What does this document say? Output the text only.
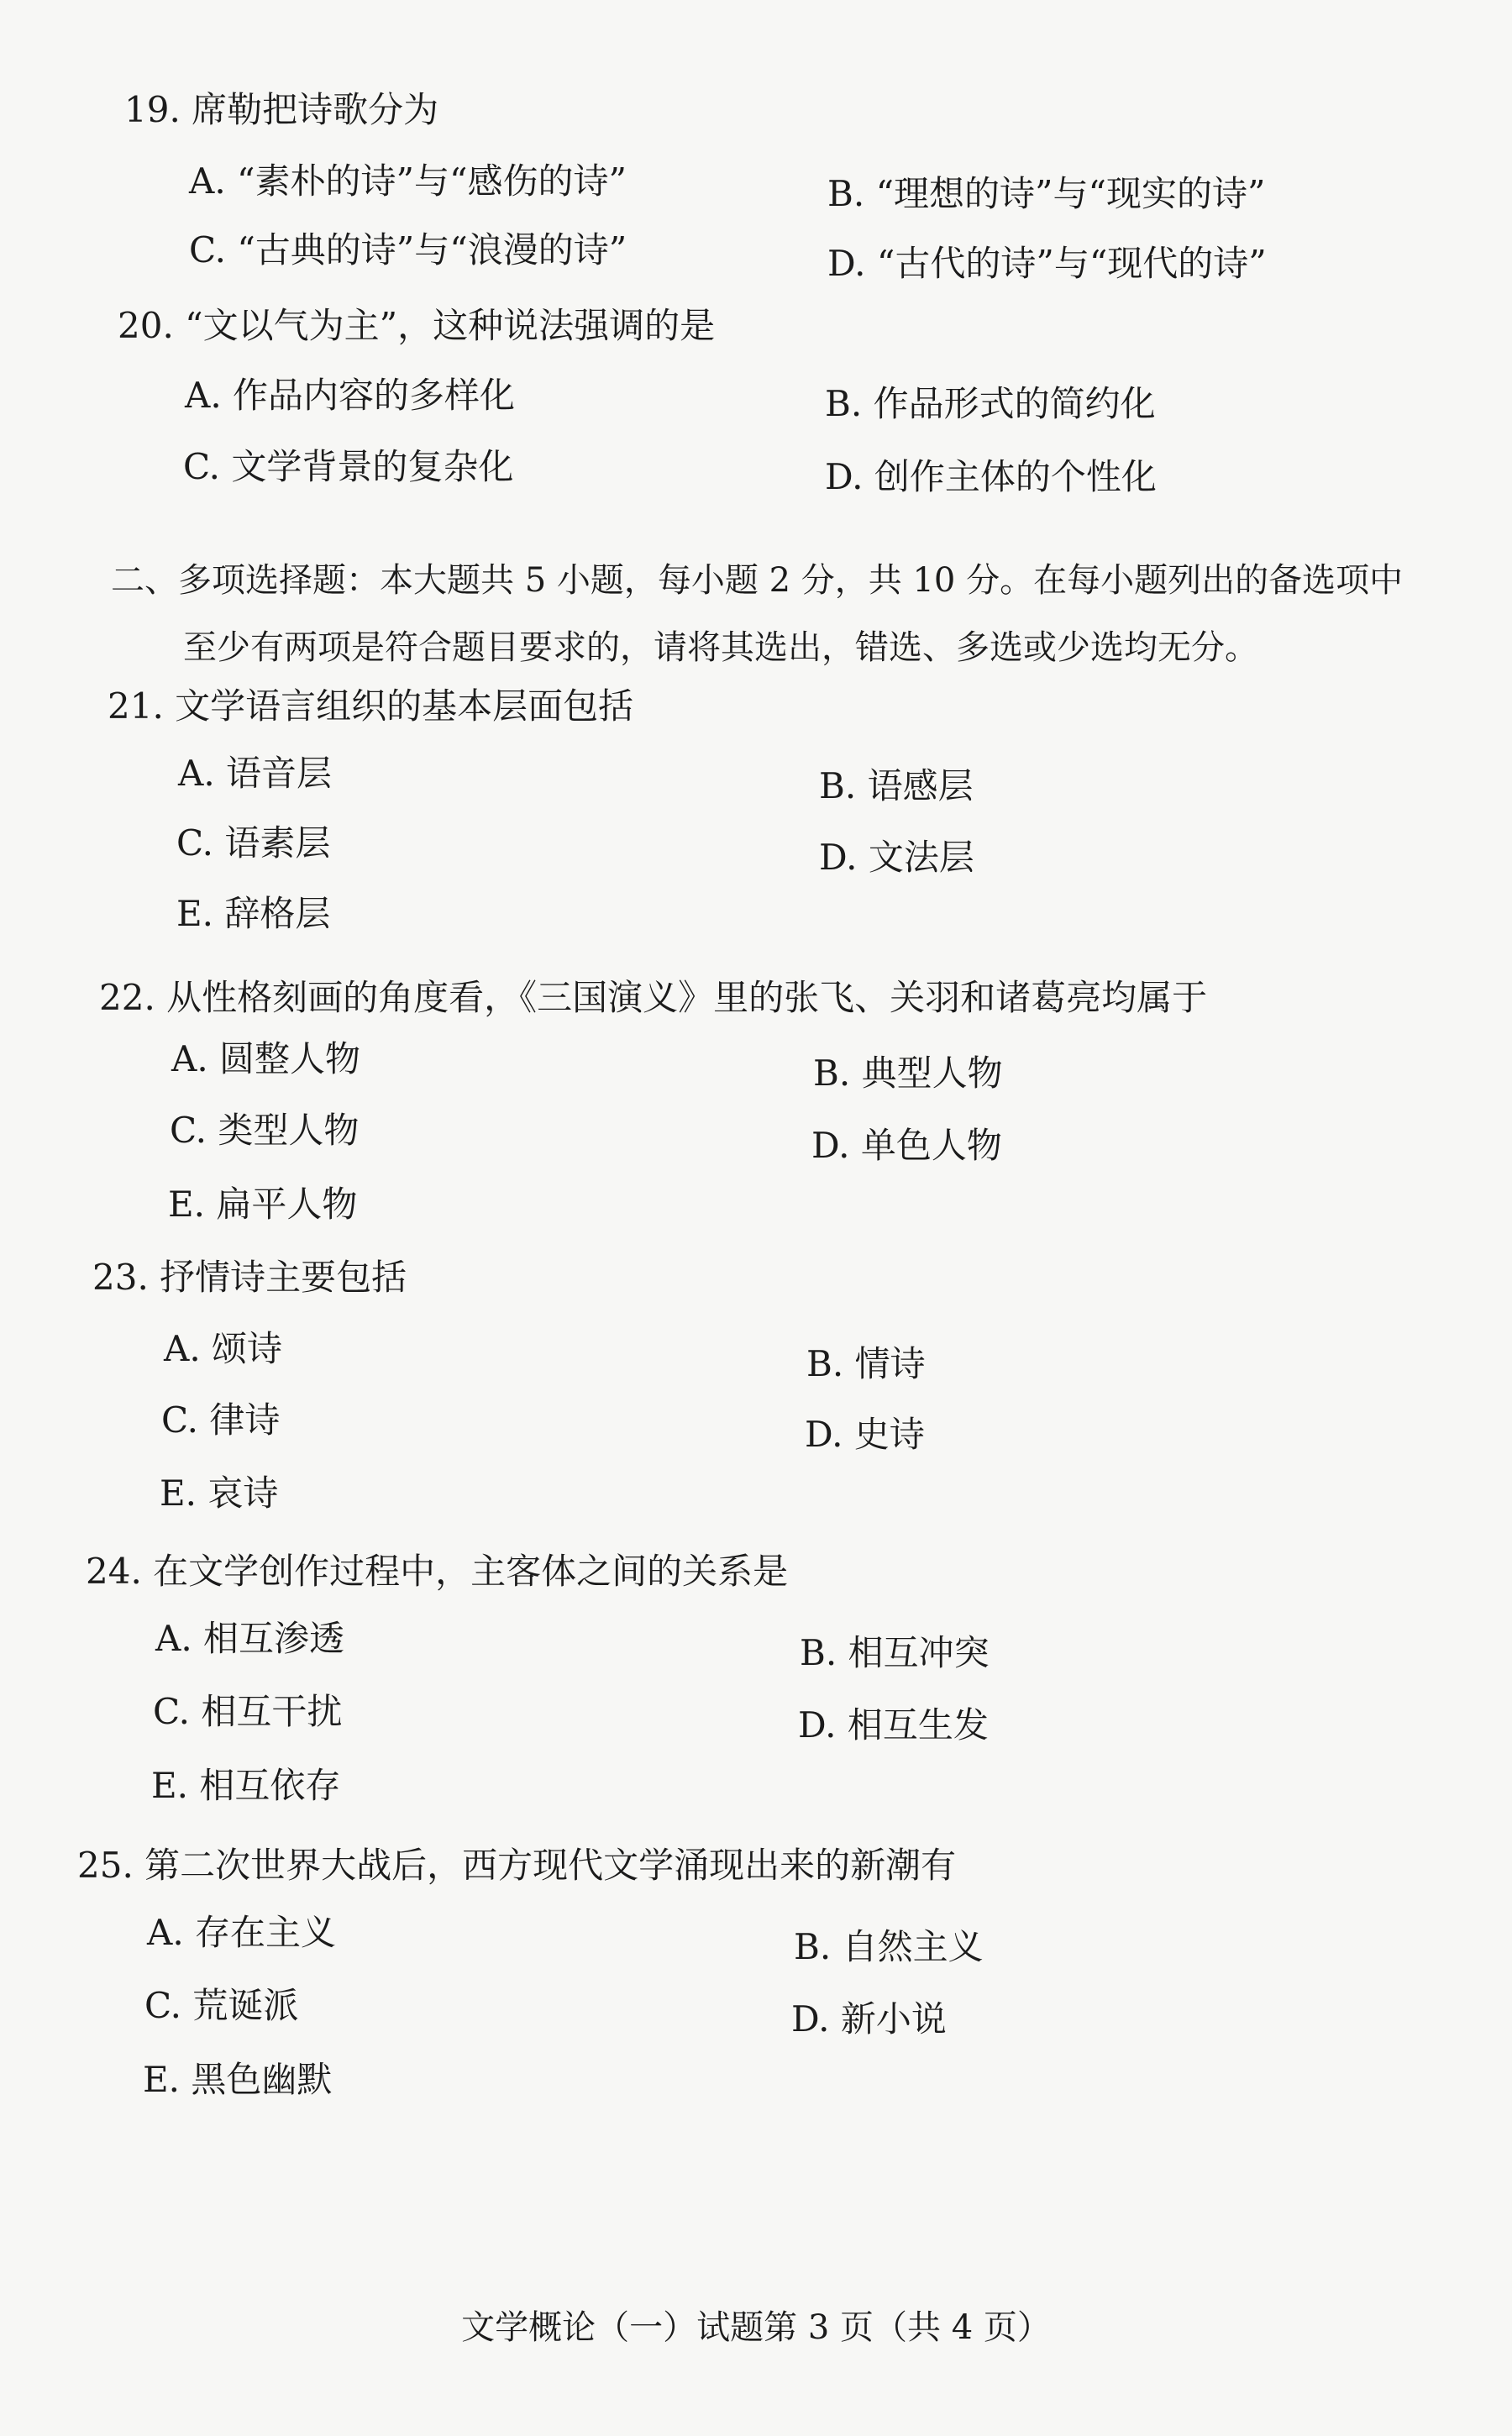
19. 席勒把诗歌分为
A. “素朴的诗”与“感伤的诗”	B. “理想的诗”与“现实的诗”
C. “古典的诗”与“浪漫的诗”	D. “古代的诗”与“现代的诗”
20. “文以气为主”，这种说法强调的是
A. 作品内容的多样化	B. 作品形式的简约化
C. 文学背景的复杂化	D. 创作主体的个性化
二、多项选择题：本大题共 5 小题，每小题 2 分，共 10 分。在每小题列出的备选项中
至少有两项是符合题目要求的，请将其选出，错选、多选或少选均无分。
21. 文学语言组织的基本层面包括
A. 语音层	B. 语感层
C. 语素层	D. 文法层
E. 辞格层
22. 从性格刻画的角度看，《三国演义》里的张飞、关羽和诸葛亮均属于
A. 圆整人物	B. 典型人物
C. 类型人物	D. 单色人物
E. 扁平人物
23. 抒情诗主要包括
A. 颂诗	B. 情诗
C. 律诗	D. 史诗
E. 哀诗
24. 在文学创作过程中，主客体之间的关系是
A. 相互渗透	B. 相互冲突
C. 相互干扰	D. 相互生发
E. 相互依存
25. 第二次世界大战后，西方现代文学涌现出来的新潮有
A. 存在主义	B. 自然主义
C. 荒诞派	D. 新小说
E. 黑色幽默
文学概论（一）试题第 3 页（共 4 页）
